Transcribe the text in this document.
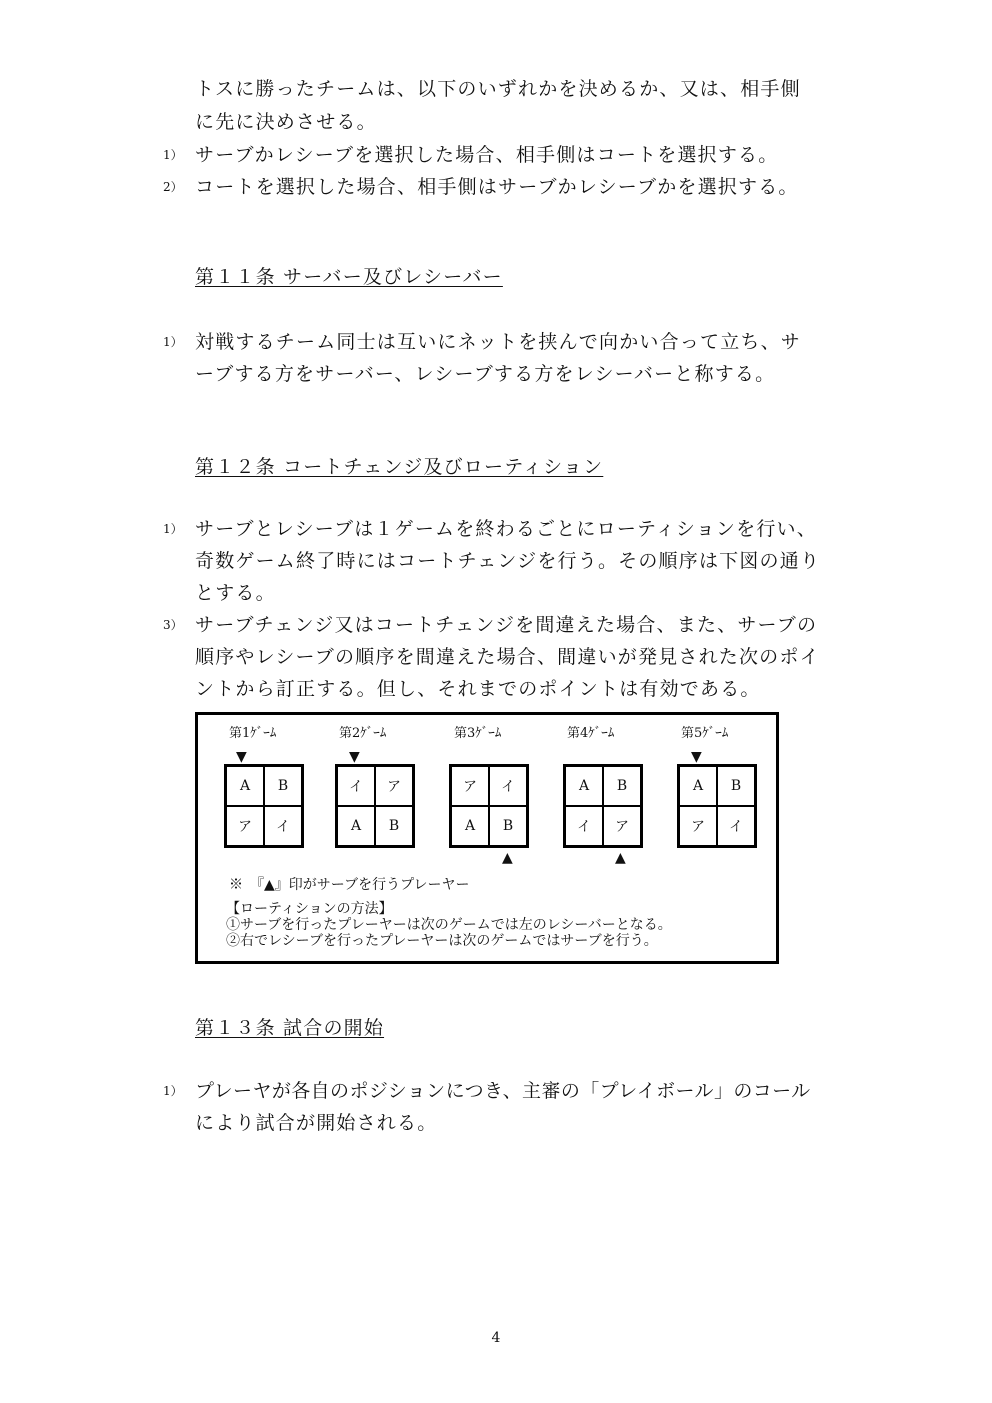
トスに勝ったチームは、以下のいずれかを決めるか、又は、相手側
に先に決めさせる。
1） サーブかレシーブを選択した場合、相手側はコートを選択する。
2） コートを選択した場合、相手側はサーブかレシーブかを選択する。
第１１条 サーバー及びレシーバー
1） 対戦するチーム同士は互いにネットを挟んで向かい合って立ち、サ
ーブする方をサーバー、レシーブする方をレシーバーと称する。
第１２条 コートチェンジ及びローティション
1） サーブとレシーブは１ゲームを終わるごとにローティションを行い、
奇数ゲーム終了時にはコートチェンジを行う。その順序は下図の通り
とする。
3） サーブチェンジ又はコートチェンジを間違えた場合、また、サーブの
順序やレシーブの順序を間違えた場合、間違いが発見された次のポイ
ントから訂正する。但し、それまでのポイントは有効である。
第1ｹﾞｰﾑ
▼
A	B
ア	イ
第2ｹﾞｰﾑ
▼
イ	ア
A	B
第3ｹﾞｰﾑ
ア	イ
A	B
▲
第4ｹﾞｰﾑ
A	B
イ	ア
▲
第5ｹﾞｰﾑ
▼
A	B
ア	イ
※　『▲』印がサーブを行うプレーヤー
【ローティションの方法】
①サーブを行ったプレーヤーは次のゲームでは左のレシーバーとなる。
②右でレシーブを行ったプレーヤーは次のゲームではサーブを行う。
第１３条 試合の開始
1） プレーヤが各自のポジションにつき、主審の「プレイボール」のコール
により試合が開始される。
4
